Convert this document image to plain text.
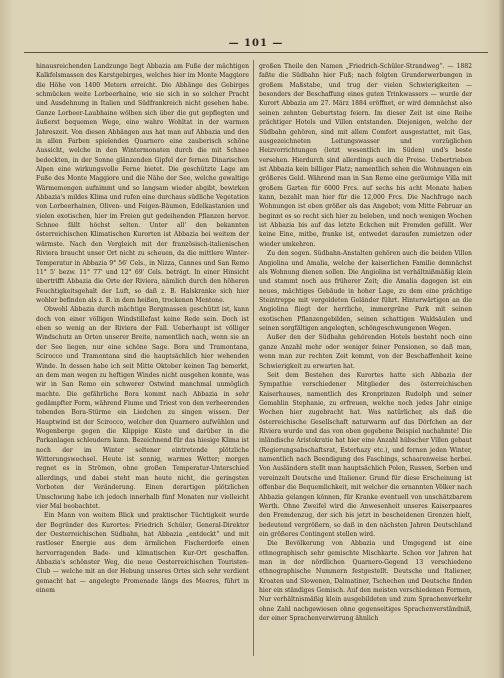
— 101 —

hinausreichenden Landzunge liegt Abbazia am Fuße der mächtigen Kalkfelsmassen des Karstgebirges, welches hier im Monte Maggiore die Höhe von 1400 Metern erreicht. Die Abhänge des Gebirges schmücken weite Lorbeerhaine, wie sie sich in so solcher Pracht und Ausdehnung in Italien und Südfrankreich nicht gesehen habe. Ganze Lorbeer-Laubhaine wölben sich über die gut gepflegten und äußerst bequemen Wege, eine wahre Wohltat in der warmen Jahreszeit. Von diesen Abhängen aus hat man auf Abbazia und den in allen Farben spielenden Quarnero eine zauberisch schöne Aussicht, welche in den Wintermonaten durch die mit Schnee bedeckten, in der Sonne glänzenden Gipfel der fernen Dinarischen Alpen eine wirkungsvolle Ferne bietet. Die geschützte Lage am Fuße des Monte Maggiore und die Nähe der See, welche gewaltige Wärmemengen aufnimmt und so langsam wieder abgibt, bewirken Abbazia's mildes Klima und rufen eine durchaus südliche Vegetation von Lorbeerhainen, Oliven- und Feigen-Bäumen, Edelkastanien und vielen exotischen, hier im Freien gut gedeihenden Pflanzen hervor. Schnee fällt höchst selten. Unter all' den bekannten österreichischen Klimatischen Kurorten ist Abbazia bei weitem der wärmste. Nach den Vergleich mit der französisch-italienischen Riviera braucht unser Ort nicht zu scheuen, da die mittlere Winter-Temperatur in Abbazia 9° 56' Cels., in Nizza, Cannes und San Remo 11° 5' bezw. 11° 77' und 12° 69' Cels. beträgt. In einer Hinsicht übertrifft Abbazia die Orte der Riviera, nämlich durch den höheren Feuchtigkeitsgehalt der Luft, so daß z. B. Halskranke sich hier wohler befinden als z. B. in dem heißen, trockenen Mentone.

Obwohl Abbazia durch mächtige Bergmassen geschützt ist, kann doch von einer völligen Windstillefast keine Rede sein. Doch ist eben so wenig an der Riviera der Fall. Ueberhaupt ist völliger Windschutz an Orten unserer Breite, namentlich nach, wenn sie an der See liegen, nur eine schöne Sage. Bora und Tramontana, Scirocco und Tramontana sind die hauptsächlich hier wehenden Winde. In dessen habe ich seit Mitte Oktober keinen Tag bemerkt, an dem man wegen zu heftigen Windes nicht ausgehen konnte, was wir in San Remo ein schwerer Ostwind manchmal unmöglich machte. Die gefährliche Bora kommt nach Abbazia in sehr gedämpfter Form, während Fiume und Triest von den verheerenden tobenden Bora-Stürme ein Liedchen zu singen wissen. Der Hauptwind ist der Scirocco, welcher den Quarnero aufwühlen und Wogenberge gegen die Klippige Küste und darüber in die Parkanlagen schleudern kann. Bezeichnend für das hiesige Klima ist noch der im Winter seltener eintretende plötzliche Witterungswechsel. Heute ist sonnig, warmes Wetter; morgen regnet es in Strömen, ohne großen Temperatur-Unterschied allerdings, und dabei steht man heute nicht, die geringsten Vorboten der Veränderung. Einen derartigen plötzlichen Umschwung habe ich jedoch innerhalb fünf Monaten nur vielleicht vier Mal beobachtet.

Ein Mann von weitem Blick und praktischer Tüchtigkeit wurde der Begründer des Kurortes: Friedrich Schüler, General-Direktor der Oesterreichischen Südbahn, hat Abbazia „entdeckt“ und mit rastloser Energie aus dem ärmlichen Fischerdorfe einen hervorragenden Bade- und klimatischen Kur-Ort geschaffen. Abbazia's schönster Weg, die neue Oesterreichischen Touristen-Club — welche mit an der Hebung unseres Ortes sich sehr verdient gemacht hat — angelegte Promenade längs des Meeres, führt in einem

großen Theile den Namen „Friedrich-Schüler-Strandweg“. — 1882 faßte die Südbahn hier Fuß; nach folgten Grunderwerbungen in großem Maßstabe, und trug der vielen Schwierigkeiten — besonders der Beschaffung eines guten Trinkwassers — wurde der Kurort Abbazia am 27. März 1884 eröffnet, er wird demnächst also seinen zehnten Geburtstag feiern. Im dieser Zeit ist eine Reihe prächtiger Hotels und Villen entstanden. Diejenigen, welche der Südbahn gehören, sind mit allem Comfort ausgestattet, mit Gas, ausgezeichneten Leitungswasser und vorzüglichen Heizvorrichtungen (letzt wesentlich im Süden) und's beste versehen. Hierdurch sind allerdings auch die Preise. Uebertrieben ist Abbazia kein billiger Platz; namentlich sehen die Wohnungen ein größeres Geld. Während man in San Remo eine geräumige Villa mit großem Garten für 6000 Frcs. auf sechs bis acht Monate haben kann, bezahlt man hier für die 12,000 Frcs. Die Nachfrage nach Wohnungen ist eben größer als das Angebot; vom Mitte Februar an beginnt es so recht sich hier zu beleben, und noch wenigen Wochen ist Abbazia bis auf das letzte Eckchen mit Fremden gefüllt. Wer keine Eine, mitbe, franke ist, entwedet daraufen zumietzen oder wieder umkehren.

Zu den sogen. Südbahn-Anstalten gehören auch die beiden Villen Angiolina und Amalia, welche der kaiserlichen Familie demnächst als Wohnung dienen sollen. Die Angiolina ist verhältnißmäßig klein und stammt noch aus früherer Zeit; die Amalia dagegen ist ein neues, mächtiges Gebäude in hoher Lage, zu dem eine prächtige Steintreppe mit vergoldeten Geländer führt. Hinterwärtigen an die Angiolina fliegt der herrliche, immergrüne Park mit seinen exotischen Pflanzengebilden, seinen schattigen Waldsäulen und seinen sorgfältigen angelegten, schöngeschwungenen Wegen.

Außer den der Südbahn gehörenden Hotels besteht noch eine ganze Anzahl mehr oder weniger feiner Pensionen, so daß man, wenn man zur rechten Zeit kommt, von der Beschaffenheit keine Schwierigkeit zu erwarten hat.

Seit dem Bestehen des Kurortes hatte sich Abbazia der Sympathie verschiedener Mitglieder des österreichischen Kaiserhauses, namentlich des Kronprinzen Rudolph und seiner Gemahlin Stephanie, zu erfreuen, welche noch jedes Jahr einige Wochen hier zugebracht hat. Was natürlicher, als daß die österreichische Gesellschaft naturwarm auf das Dörfchen an der Riviera wurde und das von oben gegebene Beispiel nachahmte! Die inländische Aristokratie hat hier eine Anzahl hübscher Villen gebaut (Regierungsabschaftsrat, Esterhazy etc.), und fernen jeden Winter, namentlich nach Beendigung des Faschings, schaarenweise herbei. Von Ausländern stellt man hauptsächlich Polen, Russen, Serben und vereinzelt Deutsche und Italiener. Grund für diese Erscheinung ist offenbar die Bequemlichkeit, mit welcher die ernannten Völker nach Abbazia gelangen können, für Kranke eventuell von unschätzbarem Werth. Ohne Zweifel wird die Anwesenheit unseres Kaiserpaares den Fremdenzug, der sich bis jetzt in bescheidenen Grenzen hielt, bedeutend vergrößern, so daß in den nächsten Jahren Deutschland ein größeres Contingent stellen wird.

Die Bevölkerung von Abbazia und Umgegend ist eine ethnographisch sehr gemischte Mischkarte. Schon vor Jahren hat man in der nördlichen Quarnero-Gegend 13 verschiedene ethnographische Nummern festgestellt. Deutsche und Italiener, Kroaten und Slowenen, Dalmatiner, Tschechen und Deutsche finden hier ein ständiges Gemisch. Auf den meisten verschiedenen Formen, Nur verhältnismäßig klein ausgebildeten und zum Sprachenverkehr ohne Zahl nachgewiesen ohne gegenseitiges Sprachenverständniß, der einer Sprachenverwirrung ähnlich
